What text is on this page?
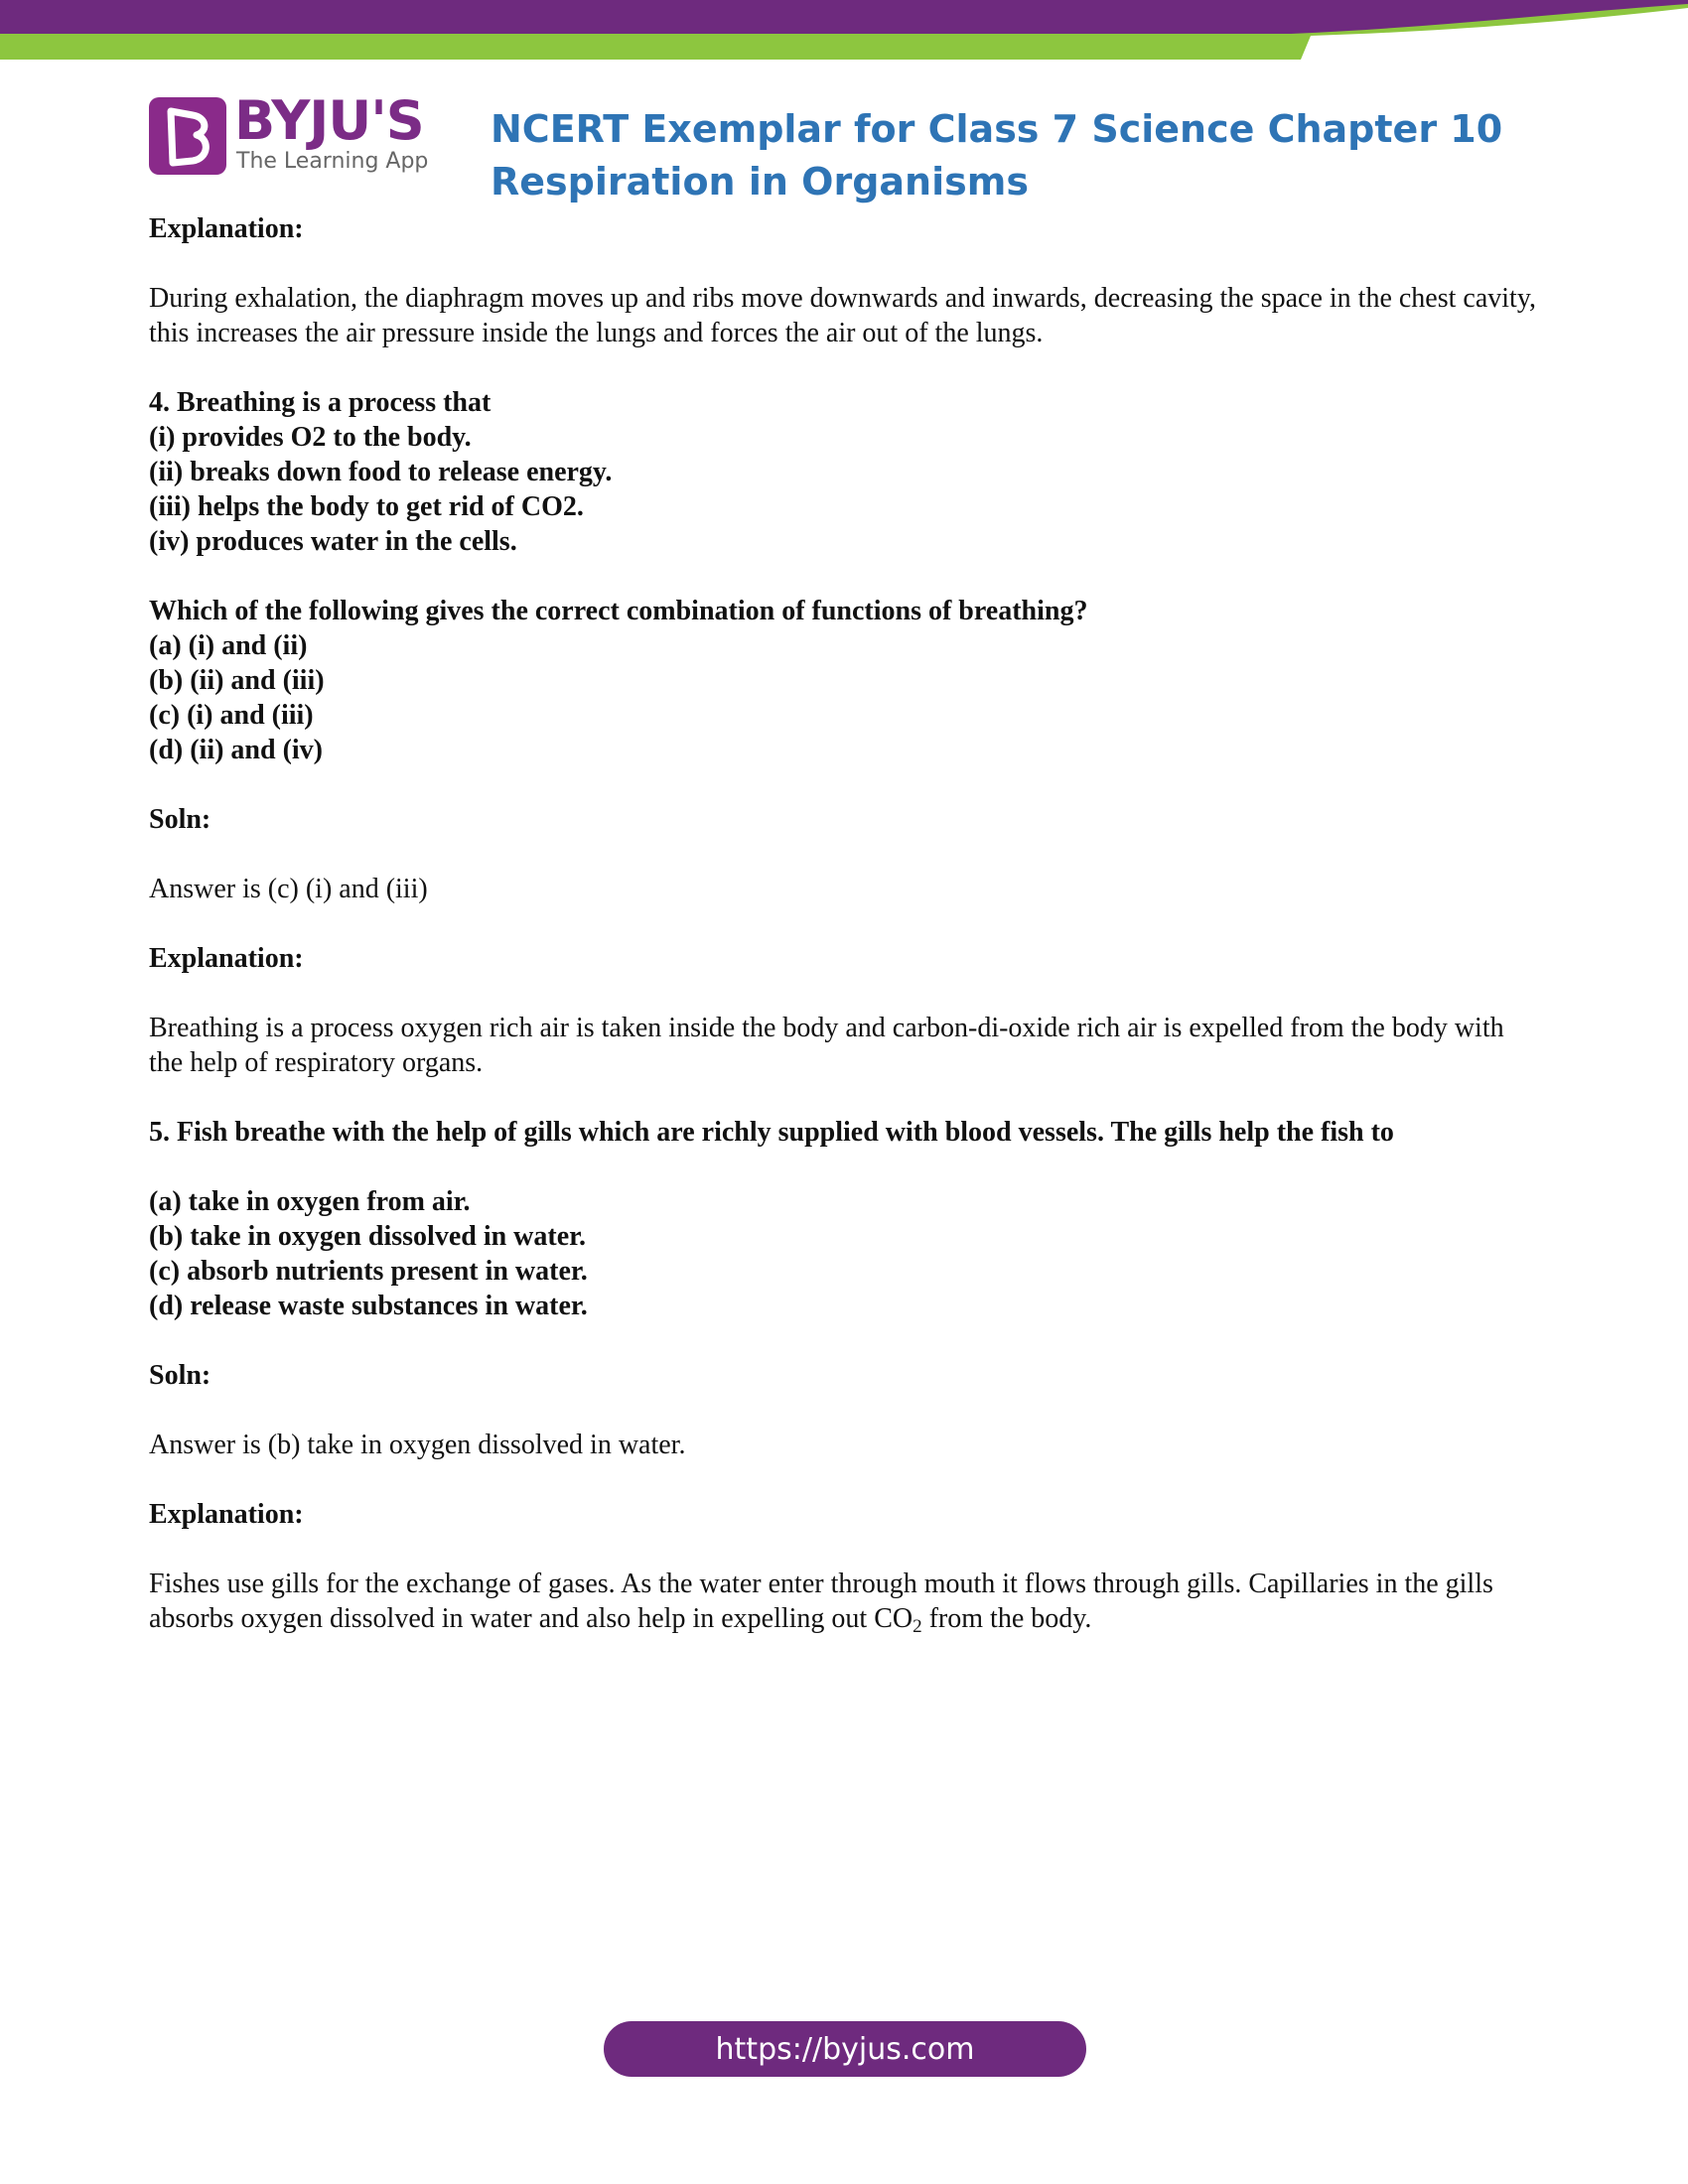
BYJU'S
The Learning App
NCERT Exemplar for Class 7 Science Chapter 10 Respiration in Organisms

Explanation:

During exhalation, the diaphragm moves up and ribs move downwards and inwards, decreasing the space in the chest cavity, this increases the air pressure inside the lungs and forces the air out of the lungs.

4. Breathing is a process that

(i) provides O2 to the body.

(ii) breaks down food to release energy.

(iii) helps the body to get rid of CO2.

(iv) produces water in the cells.

Which of the following gives the correct combination of functions of breathing?

(a) (i) and (ii)

(b) (ii) and (iii)

(c) (i) and (iii)

(d) (ii) and (iv)

Soln:

Answer is (c) (i) and (iii)

Explanation:

Breathing is a process oxygen rich air is taken inside the body and carbon-di-oxide rich air is expelled from the body with the help of respiratory organs.

5. Fish breathe with the help of gills which are richly supplied with blood vessels. The gills help the fish to

(a) take in oxygen from air.

(b) take in oxygen dissolved in water.

(c) absorb nutrients present in water.

(d) release waste substances in water.

Soln:

Answer is (b) take in oxygen dissolved in water.

Explanation:

Fishes use gills for the exchange of gases. As the water enter through mouth it flows through gills. Capillaries in the gills absorbs oxygen dissolved in water and also help in expelling out $CO_2$ from the body.

https://byjus.com
